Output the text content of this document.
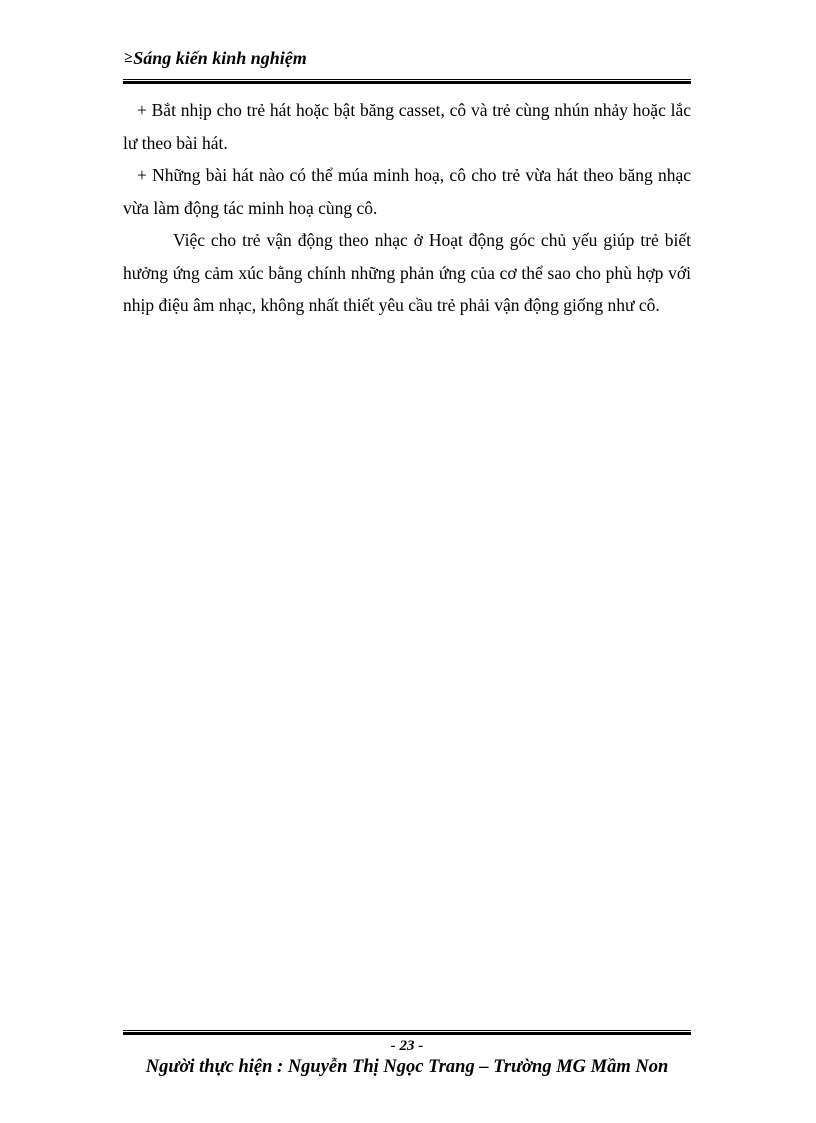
≥ Sáng kiến kinh nghiệm

+ Bắt nhịp cho trẻ hát hoặc bật băng casset, cô và trẻ cùng nhún nhảy hoặc lắc lư theo bài hát.

+ Những bài hát nào có thể múa minh hoạ, cô cho trẻ vừa hát theo băng nhạc vừa làm động tác minh hoạ cùng cô.

Việc cho trẻ vận động theo nhạc ở Hoạt động góc chủ yếu giúp trẻ biết hưởng ứng cảm xúc bằng chính những phản ứng của cơ thể sao cho phù hợp với nhịp điệu âm nhạc, không nhất thiết yêu cầu trẻ phải vận động giống như cô.

- 23 -
Người thực hiện : Nguyễn Thị Ngọc Trang – Trường MG Mầm Non
